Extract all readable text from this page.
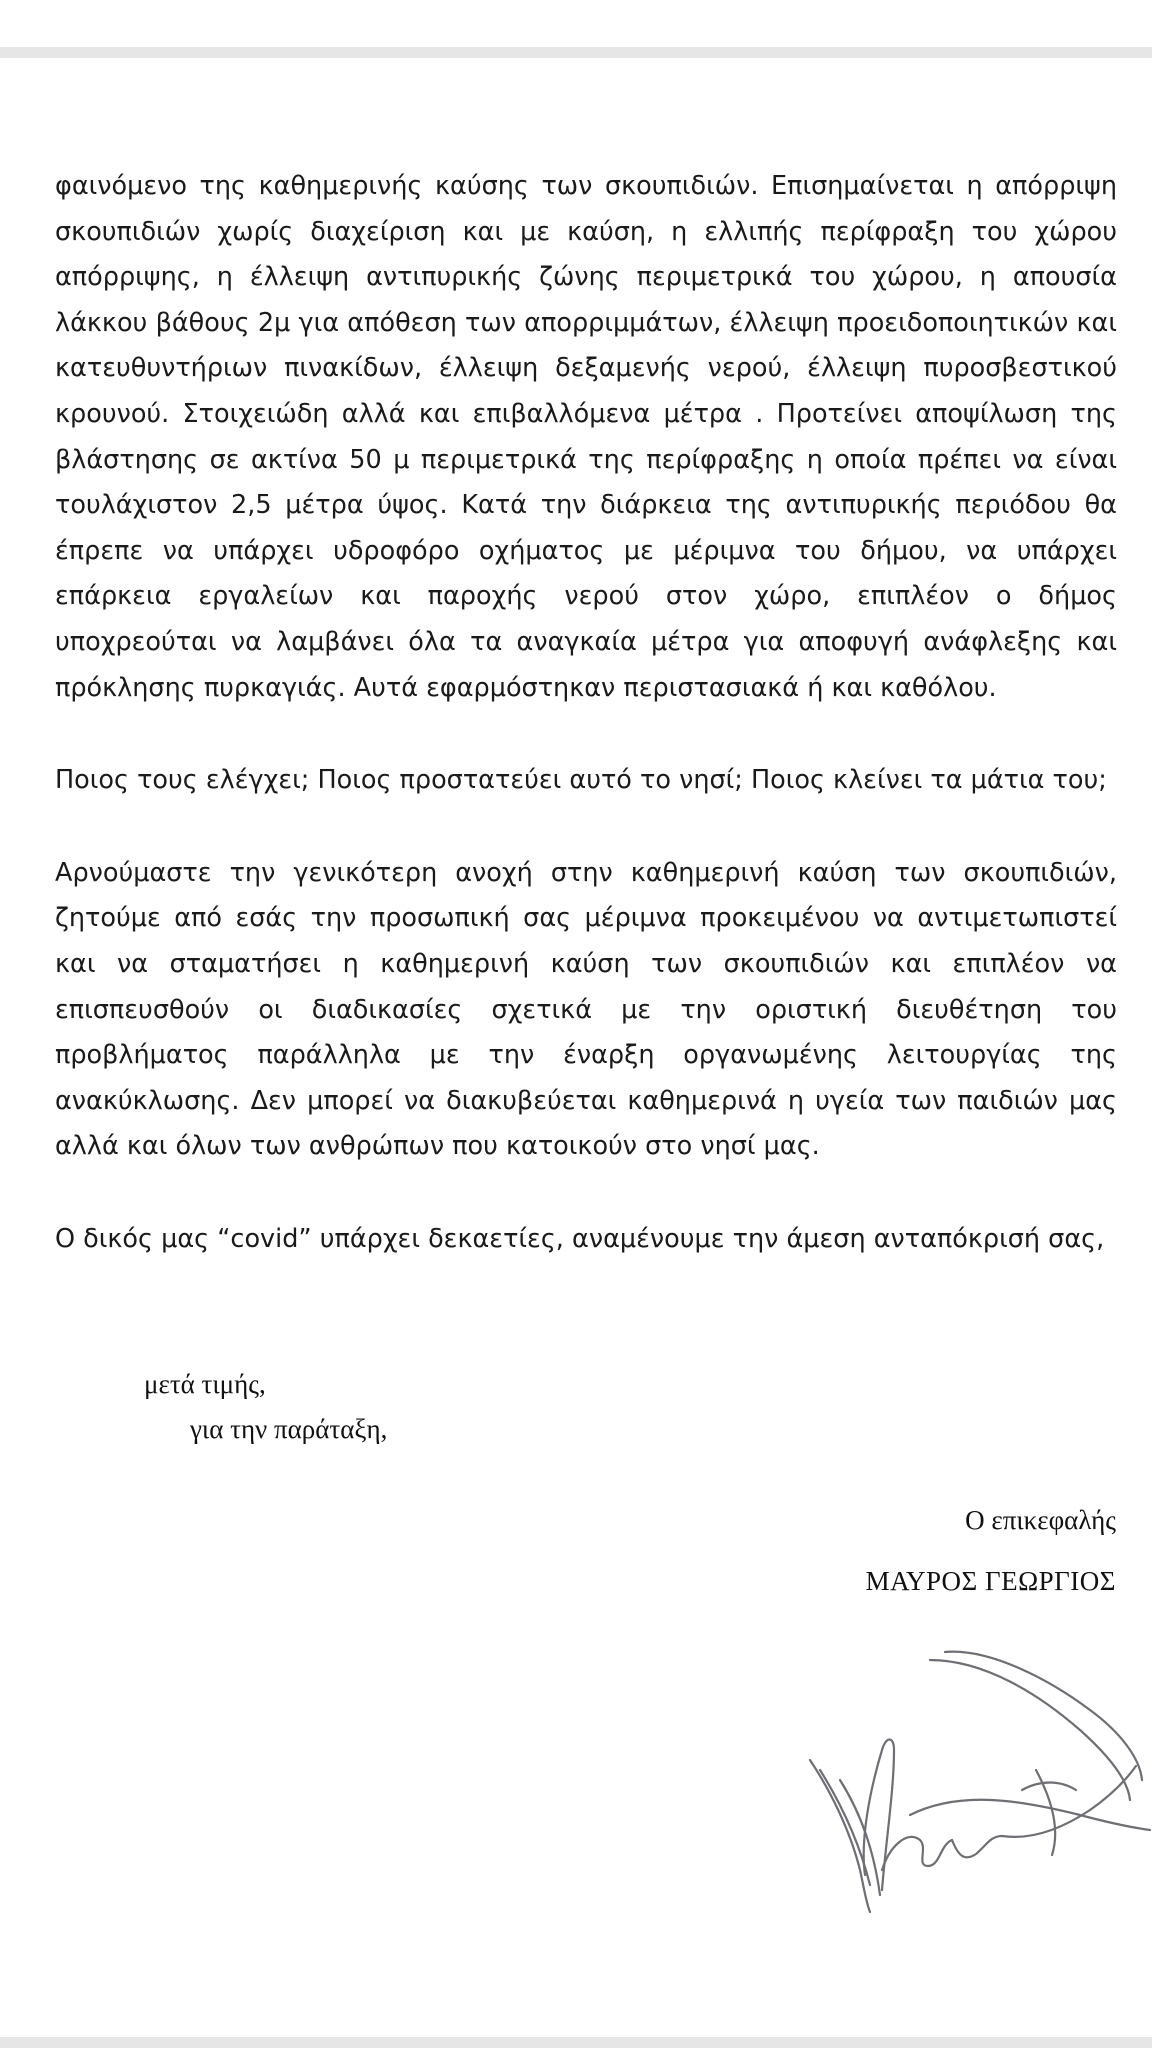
φαινόμενο της καθημερινής καύσης των σκουπιδιών. Επισημαίνεται η απόρριψη σκουπιδιών χωρίς διαχείριση και με καύση, η ελλιπής περίφραξη του χώρου απόρριψης, η έλλειψη αντιπυρικής ζώνης περιμετρικά του χώρου, η απουσία λάκκου βάθους 2μ για απόθεση των απορριμμάτων, έλλειψη προειδοποιητικών και κατευθυντήριων πινακίδων, έλλειψη δεξαμενής νερού, έλλειψη πυροσβεστικού κρουνού. Στοιχειώδη αλλά και επιβαλλόμενα μέτρα . Προτείνει αποψίλωση της βλάστησης σε ακτίνα 50 μ περιμετρικά της περίφραξης η οποία πρέπει να είναι τουλάχιστον 2,5 μέτρα ύψος. Κατά την διάρκεια της αντιπυρικής περιόδου θα έπρεπε να υπάρχει υδροφόρο οχήματος με μέριμνα του δήμου, να υπάρχει επάρκεια εργαλείων και παροχής νερού στον χώρο, επιπλέον ο δήμος υποχρεούται να λαμβάνει όλα τα αναγκαία μέτρα για αποφυγή ανάφλεξης και πρόκλησης πυρκαγιάς. Αυτά εφαρμόστηκαν περιστασιακά ή και καθόλου.

Ποιος τους ελέγχει; Ποιος προστατεύει αυτό το νησί; Ποιος κλείνει τα μάτια του;

Αρνούμαστε την γενικότερη ανοχή στην καθημερινή καύση των σκουπιδιών, ζητούμε από εσάς την προσωπική σας μέριμνα προκειμένου να αντιμετωπιστεί και να σταματήσει η καθημερινή καύση των σκουπιδιών και επιπλέον να επισπευσθούν οι διαδικασίες σχετικά με την οριστική διευθέτηση του προβλήματος παράλληλα με την έναρξη οργανωμένης λειτουργίας της ανακύκλωσης. Δεν μπορεί να διακυβεύεται καθημερινά η υγεία των παιδιών μας αλλά και όλων των ανθρώπων που κατοικούν στο νησί μας.

Ο δικός μας “covid” υπάρχει δεκαετίες, αναμένουμε την άμεση ανταπόκρισή σας,

μετά τιμής,
για την παράταξη,
Ο επικεφαλής
ΜΑΥΡΟΣ ΓΕΩΡΓΙΟΣ
